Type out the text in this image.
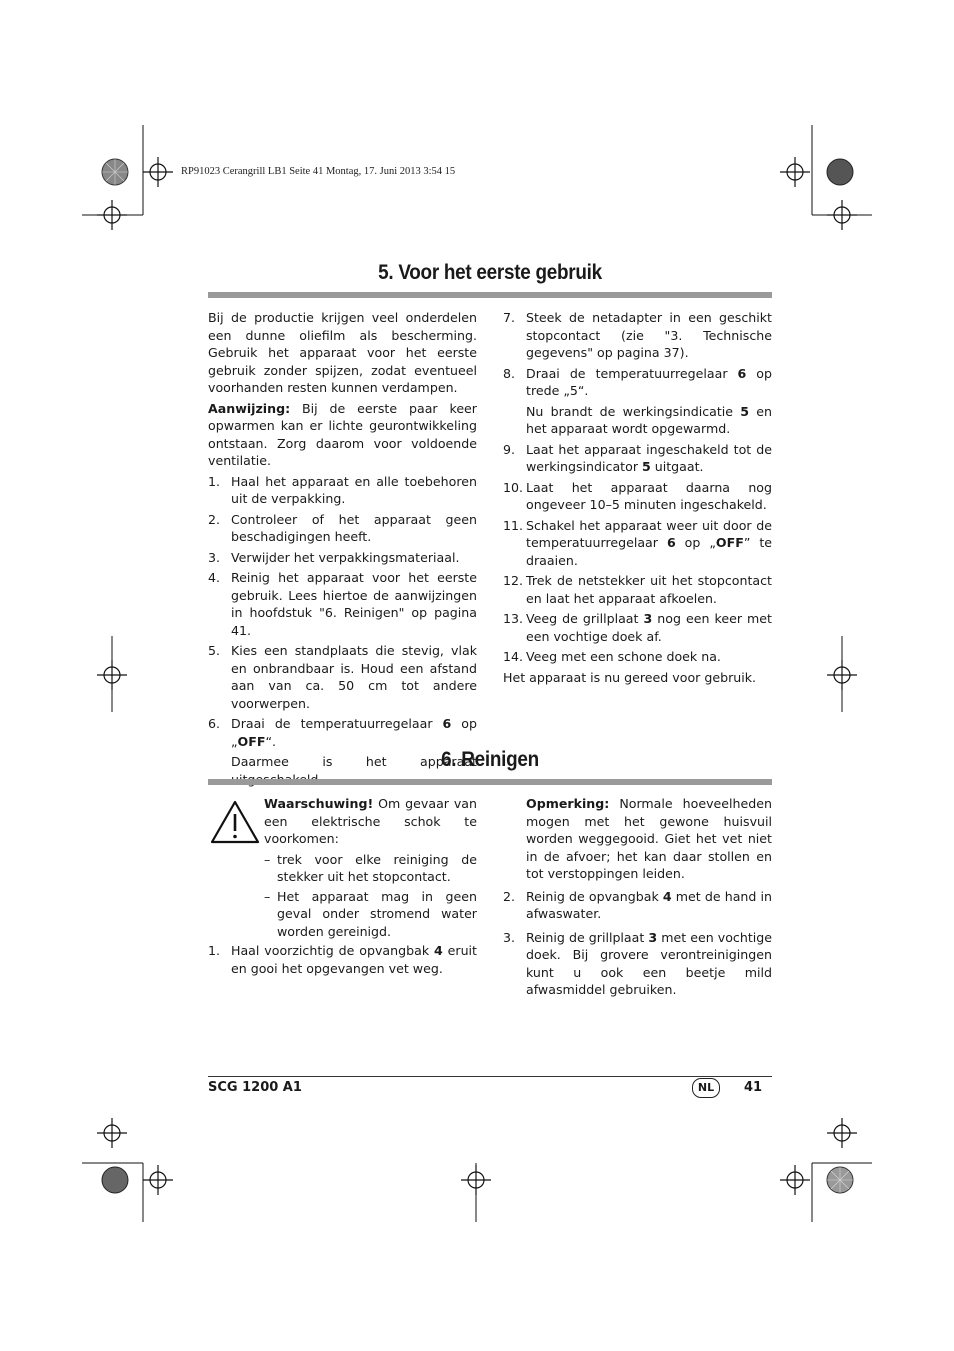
RP91023 Cerangrill LB1 Seite 41 Montag, 17. Juni 2013 3:54 15
5. Voor het eerste gebruik

Bij de productie krijgen veel onderdelen een dunne oliefilm als bescherming. Gebruik het apparaat voor het eerste gebruik zonder spijzen, zodat eventueel voorhanden resten kunnen verdampen.

Aanwijzing: Bij de eerste paar keer opwarmen kan er lichte geurontwikkeling ontstaan. Zorg daarom voor voldoende ventilatie.

1. Haal het apparaat en alle toebehoren uit de verpakking.
2. Controleer of het apparaat geen beschadigingen heeft.
3. Verwijder het verpakkingsmateriaal.
4. Reinig het apparaat voor het eerste gebruik. Lees hiertoe de aanwijzingen in hoofdstuk "6. Reinigen" op pagina 41.
5. Kies een standplaats die stevig, vlak en onbrandbaar is. Houd een afstand aan van ca. 50 cm tot andere voorwerpen.
6. Draai de temperatuurregelaar 6 op „OFF“.
Daarmee is het apparaat
7. Steek de netadapter in een geschikt stopcontact (zie "3. Technische gegevens" op pagina 37).
8. Draai de temperatuurregelaar 6 op trede „5“.
Nu brandt de werkingsindicatie 5 en het apparaat wordt opgewarmd.
9. Laat het apparaat ingeschakeld tot de werkingsindicator 5 uitgaat.
10. Laat het apparaat daarna nog ongeveer 10–5 minuten ingeschakeld.
11. Schakel het apparaat weer uit door de temperatuurregelaar 6 op „OFF” te draaien.
12. Trek de netstekker uit het stopcontact en laat het apparaat afkoelen.
13. Veeg de grillplaat 3 nog een keer met een vochtige doek af.
14. Veeg met een schone doek na.

Het apparaat is nu gereed voor gebruik.

6. Reinigen

Waarschuwing! Om gevaar van een elektrische schok te voorkomen:

– trek voor elke reiniging de stekker uit het stopcontact.
– Het apparaat mag in geen geval onder stromend water worden gereinigd.
1. Haal voorzichtig de opvangbak 4 eruit en gooi het opgevangen vet weg.

Opmerking: Normale hoeveelheden mogen met het gewone huisvuil worden weggegooid. Giet het vet niet in de afvoer; het kan daar stollen en tot verstoppingen leiden.

2. Reinig de opvangbak 4 met de hand in afwaswater.
3. Reinig de grillplaat 3 met een vochtige doek. Bij grovere verontreinigingen kunt u ook een beetje mild afwasmiddel gebruiken.
SCG 1200 A1	NL	41
